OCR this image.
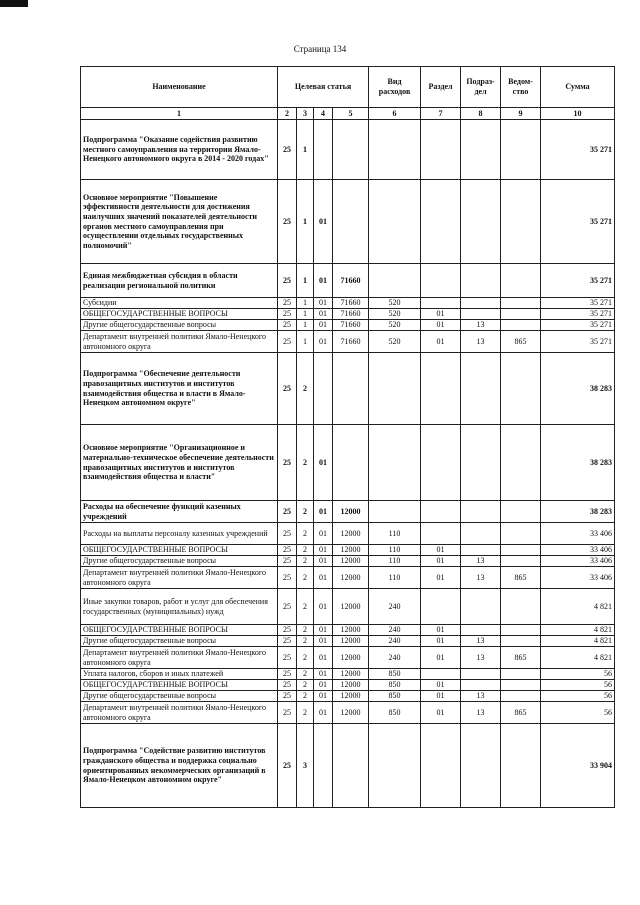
Страница 134
Наименование	Целевая статья				Вид расходов	Раздел	Подраз-дел	Ведом-ство	Сумма
1	2	3	4	5	6	7	8	9	10
Подпрограмма "Оказание содействия развитию местного самоуправления на территории Ямало-Ненецкого автономного округа в 2014 - 2020 годах"	25	1							35 271
Основное мероприятие "Повышение эффективности деятельности для достижения наилучших значений показателей деятельности органов местного самоуправления при осуществлении отдельных государственных полномочий"	25	1	01						35 271
Единая межбюджетная субсидия в области реализации региональной политики	25	1	01	71660					35 271
Субсидии	25	1	01	71660	520				35 271
ОБЩЕГОСУДАРСТВЕННЫЕ ВОПРОСЫ	25	1	01	71660	520	01			35 271
Другие общегосударственные вопросы	25	1	01	71660	520	01	13		35 271
Департамент внутренней политики Ямало-Ненецкого автономного округа	25	1	01	71660	520	01	13	865	35 271
Подпрограмма "Обеспечение деятельности правозащитных институтов и институтов взаимодействия общества и власти в Ямало-Ненецком автономном округе"	25	2							38 283
Основное мероприятие "Организационное и материально-техническое обеспечение деятельности правозащитных институтов и институтов взаимодействия общества и власти"	25	2	01						38 283
Расходы на обеспечение функций казенных учреждений	25	2	01	12000					38 283
Расходы на выплаты персоналу казенных учреждений	25	2	01	12000	110				33 406
ОБЩЕГОСУДАРСТВЕННЫЕ ВОПРОСЫ	25	2	01	12000	110	01			33 406
Другие общегосударственные вопросы	25	2	01	12000	110	01	13		33 406
Департамент внутренней политики Ямало-Ненецкого автономного округа	25	2	01	12000	110	01	13	865	33 406
Иные закупки товаров, работ и услуг для обеспечения государственных (муниципальных) нужд	25	2	01	12000	240				4 821
ОБЩЕГОСУДАРСТВЕННЫЕ ВОПРОСЫ	25	2	01	12000	240	01			4 821
Другие общегосударственные вопросы	25	2	01	12000	240	01	13		4 821
Департамент внутренней политики Ямало-Ненецкого автономного округа	25	2	01	12000	240	01	13	865	4 821
Уплата налогов, сборов и иных платежей	25	2	01	12000	850				56
ОБЩЕГОСУДАРСТВЕННЫЕ ВОПРОСЫ	25	2	01	12000	850	01			56
Другие общегосударственные вопросы	25	2	01	12000	850	01	13		56
Департамент внутренней политики Ямало-Ненецкого автономного округа	25	2	01	12000	850	01	13	865	56
Подпрограмма "Содействие развитию институтов гражданского общества и поддержка социально ориентированных некоммерческих организаций в Ямало-Ненецком автономном округе"	25	3							33 904
